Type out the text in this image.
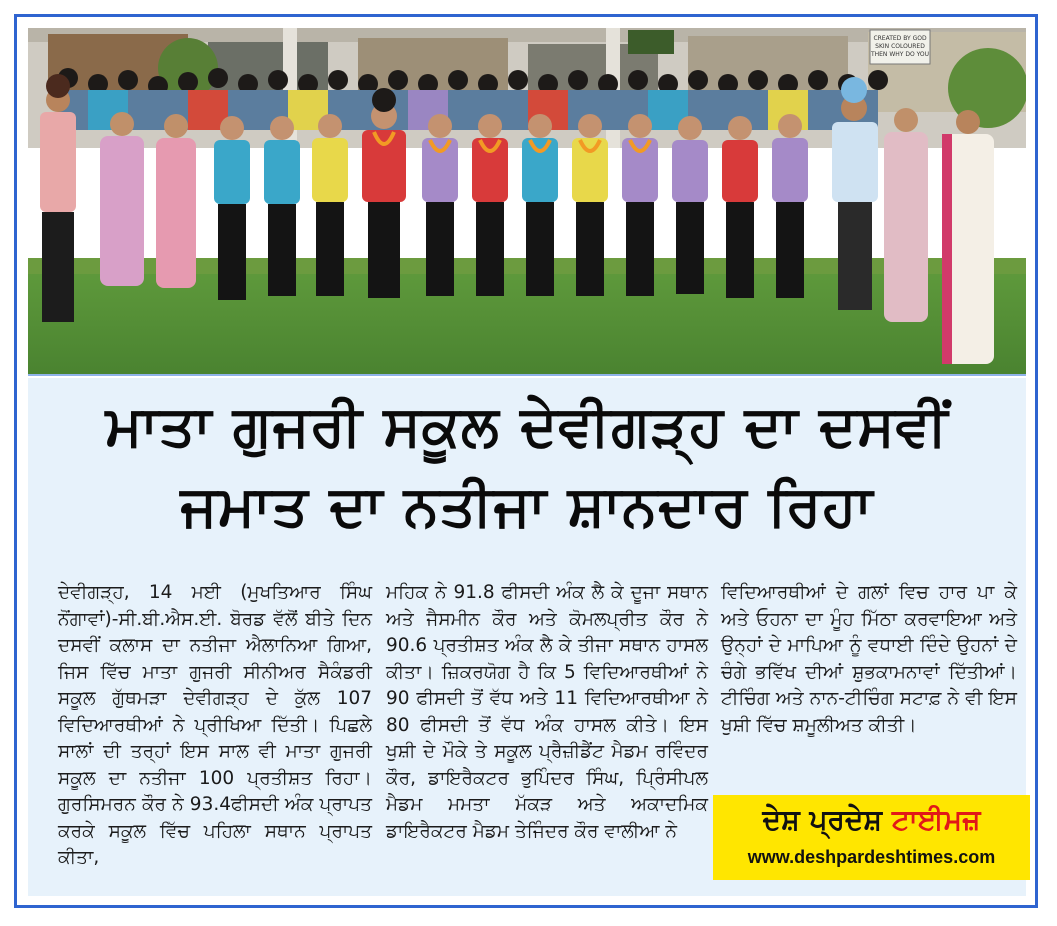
CREATED BY GOD
SKIN COLOURED
THEN WHY DO YOU
ਮਾਤਾ ਗੁਜਰੀ ਸਕੂਲ ਦੇਵੀਗੜ੍ਹ ਦਾ ਦਸਵੀਂ
ਜਮਾਤ ਦਾ ਨਤੀਜਾ ਸ਼ਾਨਦਾਰ ਰਿਹਾ
ਦੇਵੀਗੜ੍ਹ, 14 ਮਈ (ਮੁਖਤਿਆਰ ਸਿੰਘ ਨੋਂਗਾਵਾਂ)-ਸੀ.ਬੀ.ਐਸ.ਈ. ਬੋਰਡ ਵੱਲੋਂ ਬੀਤੇ ਦਿਨ ਦਸਵੀਂ ਕਲਾਸ ਦਾ ਨਤੀਜਾ ਐਲਾਨਿਆ ਗਿਆ, ਜਿਸ ਵਿੱਚ ਮਾਤਾ ਗੁਜਰੀ ਸੀਨੀਅਰ ਸੈਕੰਡਰੀ ਸਕੂਲ ਗੁੱਥਮੜਾ ਦੇਵੀਗੜ੍ਹ ਦੇ ਕੁੱਲ 107 ਵਿਦਿਆਰਥੀਆਂ ਨੇ ਪ੍ਰੀਖਿਆ ਦਿੱਤੀ। ਪਿਛਲੇ ਸਾਲਾਂ ਦੀ ਤਰ੍ਹਾਂ ਇਸ ਸਾਲ ਵੀ ਮਾਤਾ ਗੁਜਰੀ ਸਕੂਲ ਦਾ ਨਤੀਜਾ 100 ਪ੍ਰਤੀਸ਼ਤ ਰਿਹਾ। ਗੁਰਸਿਮਰਨ ਕੌਰ ਨੇ 93.4ਫੀਸਦੀ ਅੰਕ ਪ੍ਰਾਪਤ ਕਰਕੇ ਸਕੂਲ ਵਿੱਚ ਪਹਿਲਾ ਸਥਾਨ ਪ੍ਰਾਪਤ ਕੀਤਾ,
ਮਹਿਕ ਨੇ 91.8 ਫੀਸਦੀ ਅੰਕ ਲੈ ਕੇ ਦੂਜਾ ਸਥਾਨ ਅਤੇ ਜੈਸਮੀਨ ਕੌਰ ਅਤੇ ਕੋਮਲਪ੍ਰੀਤ ਕੌਰ ਨੇ 90.6 ਪ੍ਰਤੀਸ਼ਤ ਅੰਕ ਲੈ ਕੇ ਤੀਜਾ ਸਥਾਨ ਹਾਸਲ ਕੀਤਾ। ਜ਼ਿਕਰਯੋਗ ਹੈ ਕਿ 5 ਵਿਦਿਆਰਥੀਆਂ ਨੇ 90 ਫੀਸਦੀ ਤੋਂ ਵੱਧ ਅਤੇ 11 ਵਿਦਿਆਰਥੀਆ ਨੇ 80 ਫੀਸਦੀ ਤੋਂ ਵੱਧ ਅੰਕ ਹਾਸਲ ਕੀਤੇ। ਇਸ ਖੁਸ਼ੀ ਦੇ ਮੌਕੇ ਤੇ ਸਕੂਲ ਪ੍ਰੈਜ਼ੀਡੈਂਟ ਮੈਡਮ ਰਵਿੰਦਰ ਕੌਰ, ਡਾਇਰੈਕਟਰ ਭੁਪਿੰਦਰ ਸਿੰਘ, ਪ੍ਰਿੰਸੀਪਲ ਮੈਡਮ ਮਮਤਾ ਮੱਕੜ ਅਤੇ ਅਕਾਦਮਿਕ ਡਾਇਰੈਕਟਰ ਮੈਡਮ ਤੇਜਿੰਦਰ ਕੌਰ ਵਾਲੀਆ ਨੇ
ਵਿਦਿਆਰਥੀਆਂ ਦੇ ਗਲਾਂ ਵਿਚ ਹਾਰ ਪਾ ਕੇ ਅਤੇ ਓਹਨਾ ਦਾ ਮੂੰਹ ਮਿੱਠਾ ਕਰਵਾਇਆ ਅਤੇ ਉਨ੍ਹਾਂ ਦੇ ਮਾਪਿਆ ਨੂੰ ਵਧਾਈ ਦਿੰਦੇ ਉਹਨਾਂ ਦੇ ਚੰਗੇ ਭਵਿੱਖ ਦੀਆਂ ਸ਼ੁਭਕਾਮਨਾਵਾਂ ਦਿੱਤੀਆਂ। ਟੀਚਿੰਗ ਅਤੇ ਨਾਨ-ਟੀਚਿੰਗ ਸਟਾਫ਼ ਨੇ ਵੀ ਇਸ ਖੁਸ਼ੀ ਵਿੱਚ ਸ਼ਮੂਲੀਅਤ ਕੀਤੀ।
ਦੇਸ਼ ਪ੍ਰਦੇਸ਼ ਟਾਈਮਜ਼
www.deshpardeshtimes.com
